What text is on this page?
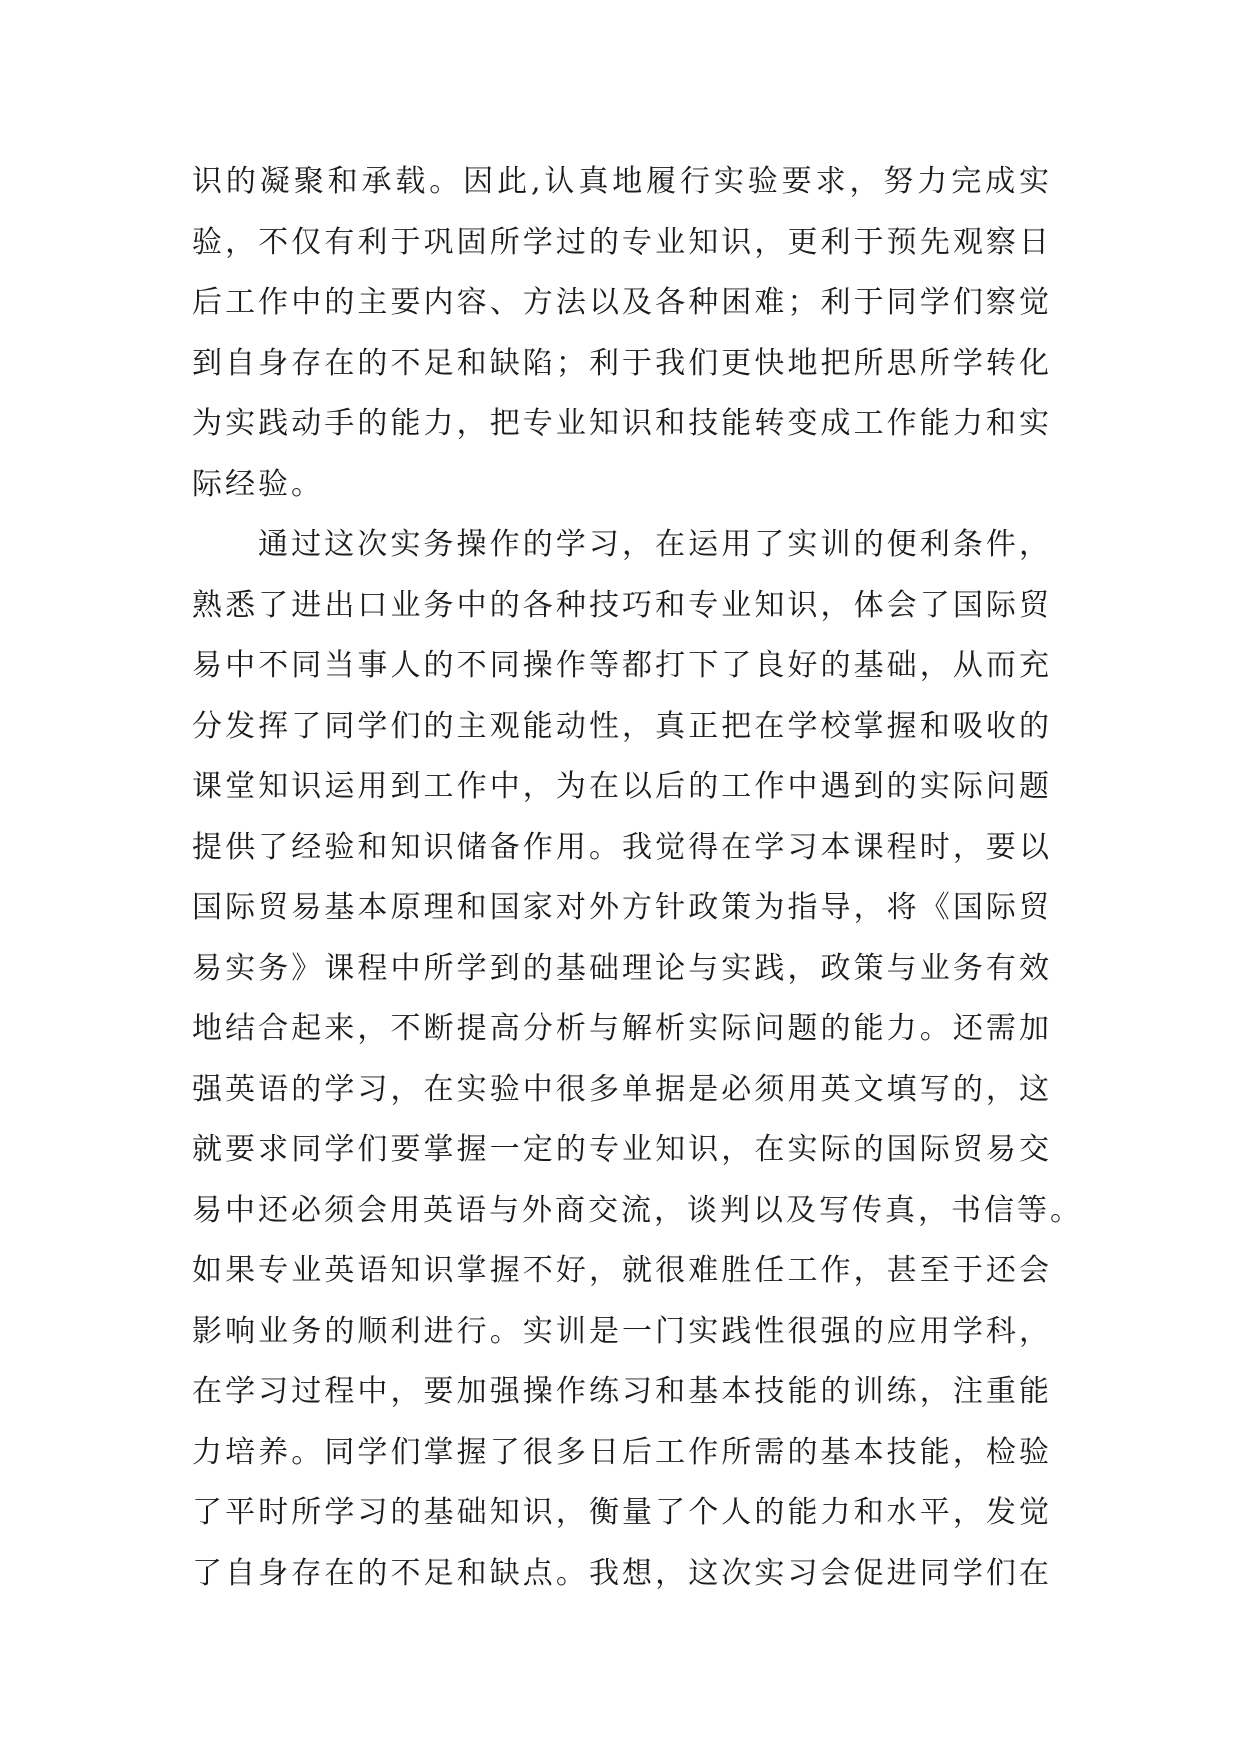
识的凝聚和承载。因此,认真地履行实验要求，努力完成实
验，不仅有利于巩固所学过的专业知识，更利于预先观察日
后工作中的主要内容、方法以及各种困难；利于同学们察觉
到自身存在的不足和缺陷；利于我们更快地把所思所学转化
为实践动手的能力，把专业知识和技能转变成工作能力和实
际经验。
通过这次实务操作的学习，在运用了实训的便利条件，
熟悉了进出口业务中的各种技巧和专业知识，体会了国际贸
易中不同当事人的不同操作等都打下了良好的基础，从而充
分发挥了同学们的主观能动性，真正把在学校掌握和吸收的
课堂知识运用到工作中，为在以后的工作中遇到的实际问题
提供了经验和知识储备作用。我觉得在学习本课程时，要以
国际贸易基本原理和国家对外方针政策为指导，将《国际贸
易实务》课程中所学到的基础理论与实践，政策与业务有效
地结合起来，不断提高分析与解析实际问题的能力。还需加
强英语的学习，在实验中很多单据是必须用英文填写的，这
就要求同学们要掌握一定的专业知识，在实际的国际贸易交
易中还必须会用英语与外商交流，谈判以及写传真，书信等。
如果专业英语知识掌握不好，就很难胜任工作，甚至于还会
影响业务的顺利进行。实训是一门实践性很强的应用学科，
在学习过程中，要加强操作练习和基本技能的训练，注重能
力培养。同学们掌握了很多日后工作所需的基本技能，检验
了平时所学习的基础知识，衡量了个人的能力和水平，发觉
了自身存在的不足和缺点。我想，这次实习会促进同学们在
